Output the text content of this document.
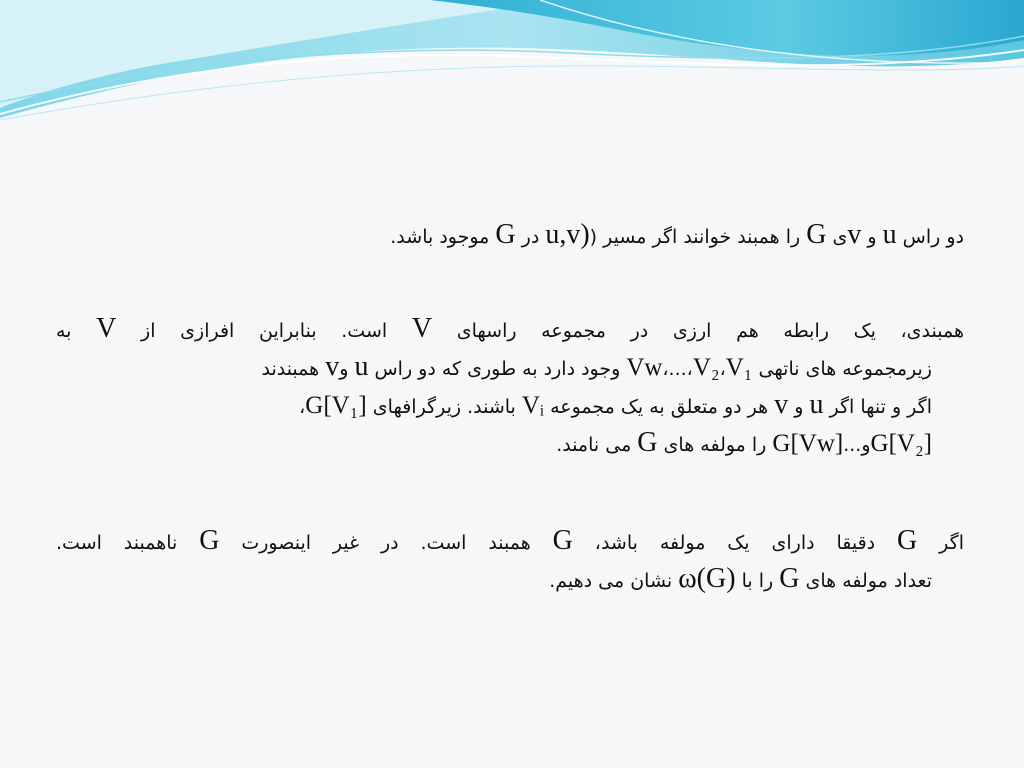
دو راس u و vی G را همبند خوانند اگر مسیر (u,v) در G موجود باشد.

همبندی، یک رابطه هم ارزی در مجموعه راسهای V است. بنابراین افرازی از V به
زیرمجموعه های ناتهی V₁،V₂،...،Vw وجود دارد به طوری که دو راس u وv همبندند
اگر و تنها اگر u و v هر دو متعلق به یک مجموعه Vᵢ باشند. زیرگرافهای G[V₁]،
G[V₂]و...G[Vw] را مولفه های G می نامند.

اگر G دقیقا دارای یک مولفه باشد، G همبند است. در غیر اینصورت G ناهمبند است.
تعداد مولفه های G را با ω(G) نشان می دهیم.
